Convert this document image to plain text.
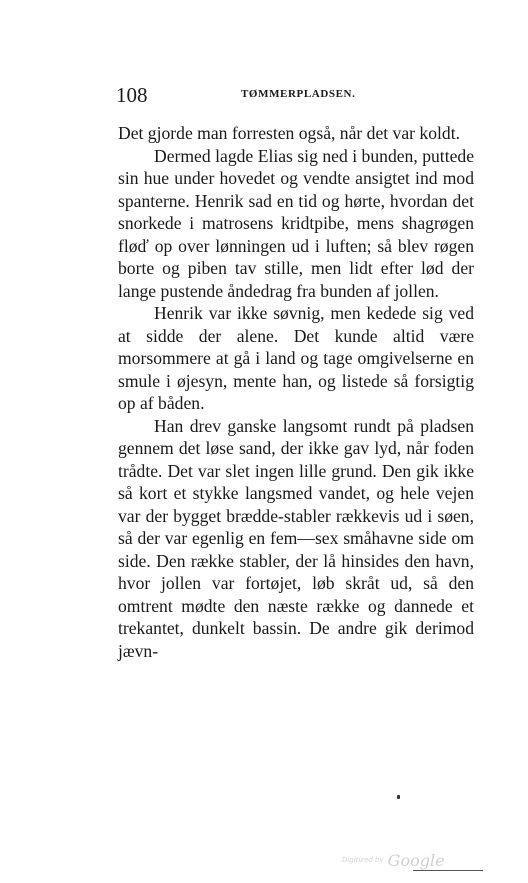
108	TØMMERPLADSEN.

Det gjorde man forresten også, når det var koldt.

Dermed lagde Elias sig ned i bunden, puttede sin hue under hovedet og vendte ansigtet ind mod spanterne. Henrik sad en tid og hørte, hvordan det snorkede i matrosens kridtpibe, mens shagrøgen fløď op over lønningen ud i luften; så blev røgen borte og piben tav stille, men lidt efter lød der lange pustende åndedrag fra bunden af jollen.

Henrik var ikke søvnig, men kedede sig ved at sidde der alene. Det kunde altid være morsommere at gå i land og tage omgivelserne en smule i øjesyn, mente han, og listede så forsigtig op af båden.

Han drev ganske langsomt rundt på pladsen gennem det løse sand, der ikke gav lyd, når foden trådte. Det var slet ingen lille grund. Den gik ikke så kort et stykke langsmed vandet, og hele vejen var der bygget brædde-stabler rækkevis ud i søen, så der var egenlig en fem—sex småhavne side om side. Den række stabler, der lå hinsides den havn, hvor jollen var fortøjet, løb skråt ud, så den omtrent mødte den næste række og dannede et trekantet, dunkelt bassin. De andre gik derimod jævn-

Digitized by Google
